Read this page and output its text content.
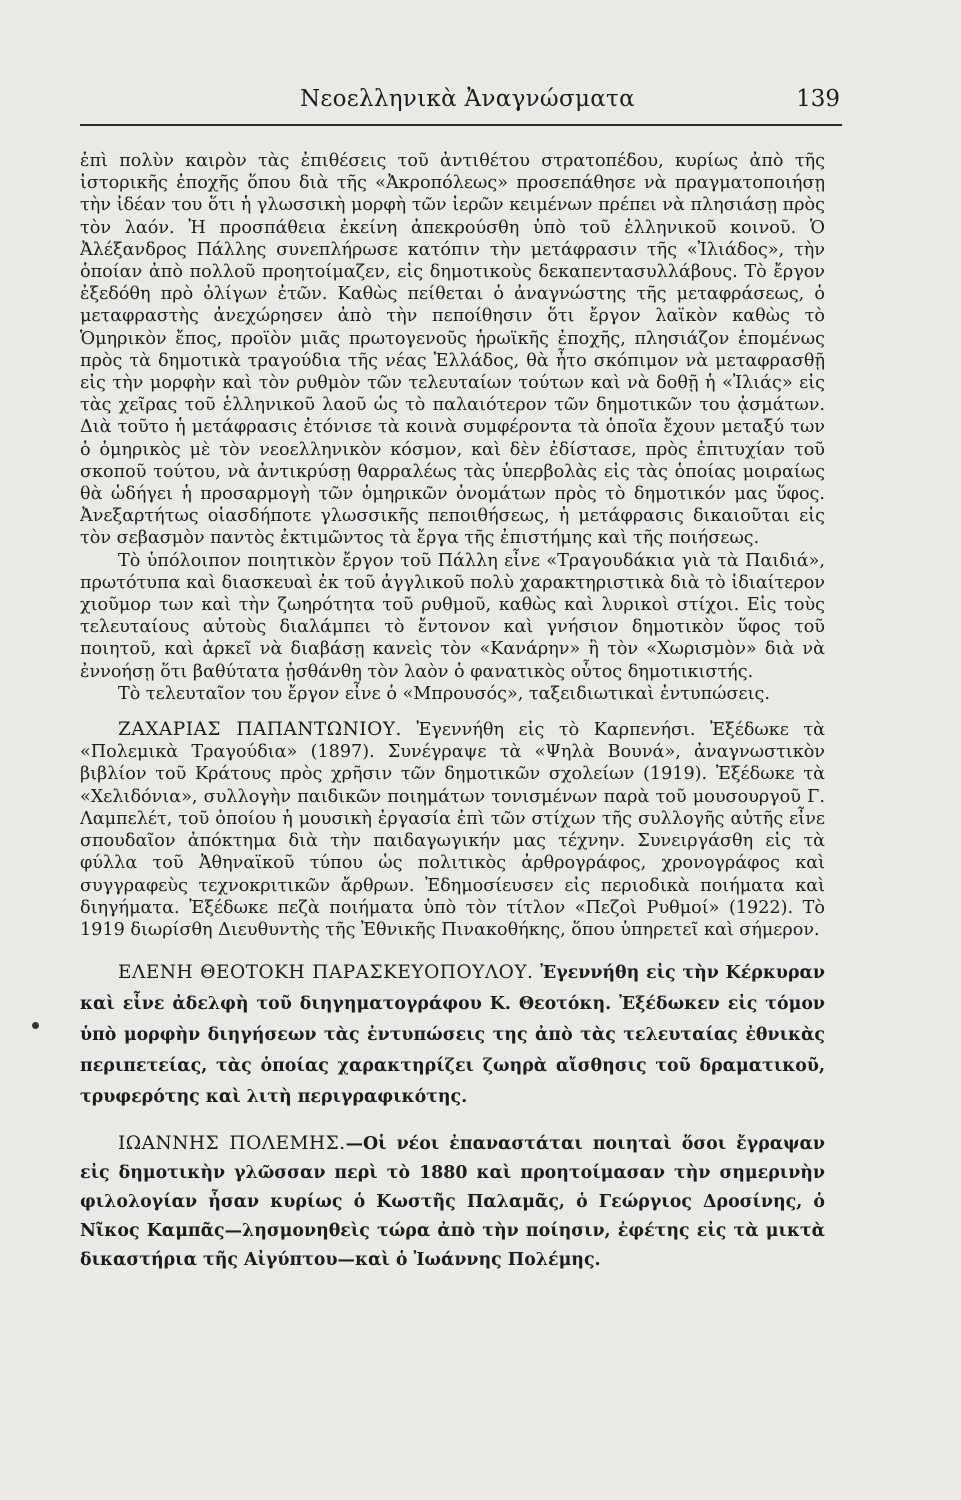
Νεοελληνικὰ Ἀναγνώσματα	139

ἐπὶ πολὺν καιρὸν τὰς ἐπιθέσεις τοῦ ἀντιθέτου στρατοπέδου, κυρίως ἀπὸ τῆς ἱστορικῆς ἐποχῆς ὅπου διὰ τῆς «Ἀκροπόλεως» προσεπάθησε νὰ πραγματοποιήσῃ τὴν ἰδέαν του ὅτι ἡ γλωσσικὴ μορφὴ τῶν ἱερῶν κειμένων πρέπει νὰ πλησιάσῃ πρὸς τὸν λαόν. Ἡ προσπάθεια ἐκείνη ἀπεκρούσθη ὑπὸ τοῦ ἑλληνικοῦ κοινοῦ. Ὁ Ἀλέξανδρος Πάλλης συνεπλήρωσε κατόπιν τὴν μετάφρασιν τῆς «Ἰλιάδος», τὴν ὁποίαν ἀπὸ πολλοῦ προητοίμαζεν, εἰς δημοτικοὺς δεκαπεντασυλλάβους. Τὸ ἔργον ἐξεδόθη πρὸ ὀλίγων ἐτῶν. Καθὼς πείθεται ὁ ἀναγνώστης τῆς μεταφράσεως, ὁ μεταφραστὴς ἀνεχώρησεν ἀπὸ τὴν πεποίθησιν ὅτι ἔργον λαϊκὸν καθὼς τὸ Ὁμηρικὸν ἔπος, προϊὸν μιᾶς πρωτογενοῦς ἡρωϊκῆς ἐποχῆς, πλησιάζον ἑπομένως πρὸς τὰ δημοτικὰ τραγούδια τῆς νέας Ἑλλάδος, θὰ ἦτο σκόπιμον νὰ μεταφρασθῇ εἰς τὴν μορφὴν καὶ τὸν ρυθμὸν τῶν τελευταίων τούτων καὶ νὰ δοθῇ ἡ «Ἰλιάς» εἰς τὰς χεῖρας τοῦ ἑλληνικοῦ λαοῦ ὡς τὸ παλαιότερον τῶν δημοτικῶν του ᾀσμάτων. Διὰ τοῦτο ἡ μετάφρασις ἐτόνισε τὰ κοινὰ συμφέροντα τὰ ὁποῖα ἔχουν μεταξύ των ὁ ὁμηρικὸς μὲ τὸν νεοελληνικὸν κόσμον, καὶ δὲν ἐδίστασε, πρὸς ἐπιτυχίαν τοῦ σκοποῦ τούτου, νὰ ἀντικρύσῃ θαρραλέως τὰς ὑπερβολὰς εἰς τὰς ὁποίας μοιραίως θὰ ὡδήγει ἡ προσαρμογὴ τῶν ὁμηρικῶν ὀνομάτων πρὸς τὸ δημοτικόν μας ὕφος. Ἀνεξαρτήτως οἱασδήποτε γλωσσικῆς πεποιθήσεως, ἡ μετάφρασις δικαιοῦται εἰς τὸν σεβασμὸν παντὸς ἐκτιμῶντος τὰ ἔργα τῆς ἐπιστήμης καὶ τῆς ποιήσεως.

Τὸ ὑπόλοιπον ποιητικὸν ἔργον τοῦ Πάλλη εἶνε «Τραγουδάκια γιὰ τὰ Παιδιά», πρωτότυπα καὶ διασκευαὶ ἐκ τοῦ ἀγγλικοῦ πολὺ χαρακτηριστικὰ διὰ τὸ ἰδιαίτερον χιοῦμορ των καὶ τὴν ζωηρότητα τοῦ ρυθμοῦ, καθὼς καὶ λυρικοὶ στίχοι. Εἰς τοὺς τελευταίους αὐτοὺς διαλάμπει τὸ ἔντονον καὶ γνήσιον δημοτικὸν ὕφος τοῦ ποιητοῦ, καὶ ἀρκεῖ νὰ διαβάσῃ κανεὶς τὸν «Κανάρην» ἢ τὸν «Χωρισμὸν» διὰ νὰ ἐννοήσῃ ὅτι βαθύτατα ᾐσθάνθη τὸν λαὸν ὁ φανατικὸς οὗτος δημοτικιστής.

Τὸ τελευταῖον του ἔργον εἶνε ὁ «Μπρουσός», ταξειδιωτικαὶ ἐντυπώσεις.

ΖΑΧΑΡΙΑΣ ΠΑΠΑΝΤΩΝΙΟΥ. Ἐγεννήθη εἰς τὸ Καρπενήσι. Ἐξέδωκε τὰ «Πολεμικὰ Τραγούδια» (1897). Συνέγραψε τὰ «Ψηλὰ Βουνά», ἀναγνωστικὸν βιβλίον τοῦ Κράτους πρὸς χρῆσιν τῶν δημοτικῶν σχολείων (1919). Ἐξέδωκε τὰ «Χελιδόνια», συλλογὴν παιδικῶν ποιημάτων τονισμένων παρὰ τοῦ μουσουργοῦ Γ. Λαμπελέτ, τοῦ ὁποίου ἡ μουσικὴ ἐργασία ἐπὶ τῶν στίχων τῆς συλλογῆς αὐτῆς εἶνε σπουδαῖον ἀπόκτημα διὰ τὴν παιδαγωγικήν μας τέχνην. Συνειργάσθη εἰς τὰ φύλλα τοῦ Ἀθηναϊκοῦ τύπου ὡς πολιτικὸς ἀρθρογράφος, χρονογράφος καὶ συγγραφεὺς τεχνοκριτικῶν ἄρθρων. Ἐδημοσίευσεν εἰς περιοδικὰ ποιήματα καὶ διηγήματα. Ἐξέδωκε πεζὰ ποιήματα ὑπὸ τὸν τίτλον «Πεζοὶ Ρυθμοί» (1922). Τὸ 1919 διωρίσθη Διευθυντὴς τῆς Ἐθνικῆς Πινακοθήκης, ὅπου ὑπηρετεῖ καὶ σήμερον.

ΕΛΕΝΗ ΘΕΟΤΟΚΗ ΠΑΡΑΣΚΕΥΟΠΟΥΛΟΥ. Ἐγεννήθη εἰς τὴν Κέρκυραν καὶ εἶνε ἀδελφὴ τοῦ διηγηματογράφου Κ. Θεοτόκη. Ἐξέδωκεν εἰς τόμον ὑπὸ μορφὴν διηγήσεων τὰς ἐντυπώσεις της ἀπὸ τὰς τελευταίας ἐθνικὰς περιπετείας, τὰς ὁποίας χαρακτηρίζει ζωηρὰ αἴσθησις τοῦ δραματικοῦ, τρυφερότης καὶ λιτὴ περιγραφικότης.

ΙΩΑΝΝΗΣ ΠΟΛΕΜΗΣ.—Οἱ νέοι ἐπαναστάται ποιηταὶ ὅσοι ἔγραψαν εἰς δημοτικὴν γλῶσσαν περὶ τὸ 1880 καὶ προητοίμασαν τὴν σημερινὴν φιλολογίαν ἦσαν κυρίως ὁ Κωστῆς Παλαμᾶς, ὁ Γεώργιος Δροσίνης, ὁ Νῖκος Καμπᾶς—λησμονηθεὶς τώρα ἀπὸ τὴν ποίησιν, ἐφέτης εἰς τὰ μικτὰ δικαστήρια τῆς Αἰγύπτου—καὶ ὁ Ἰωάννης Πολέμης.
